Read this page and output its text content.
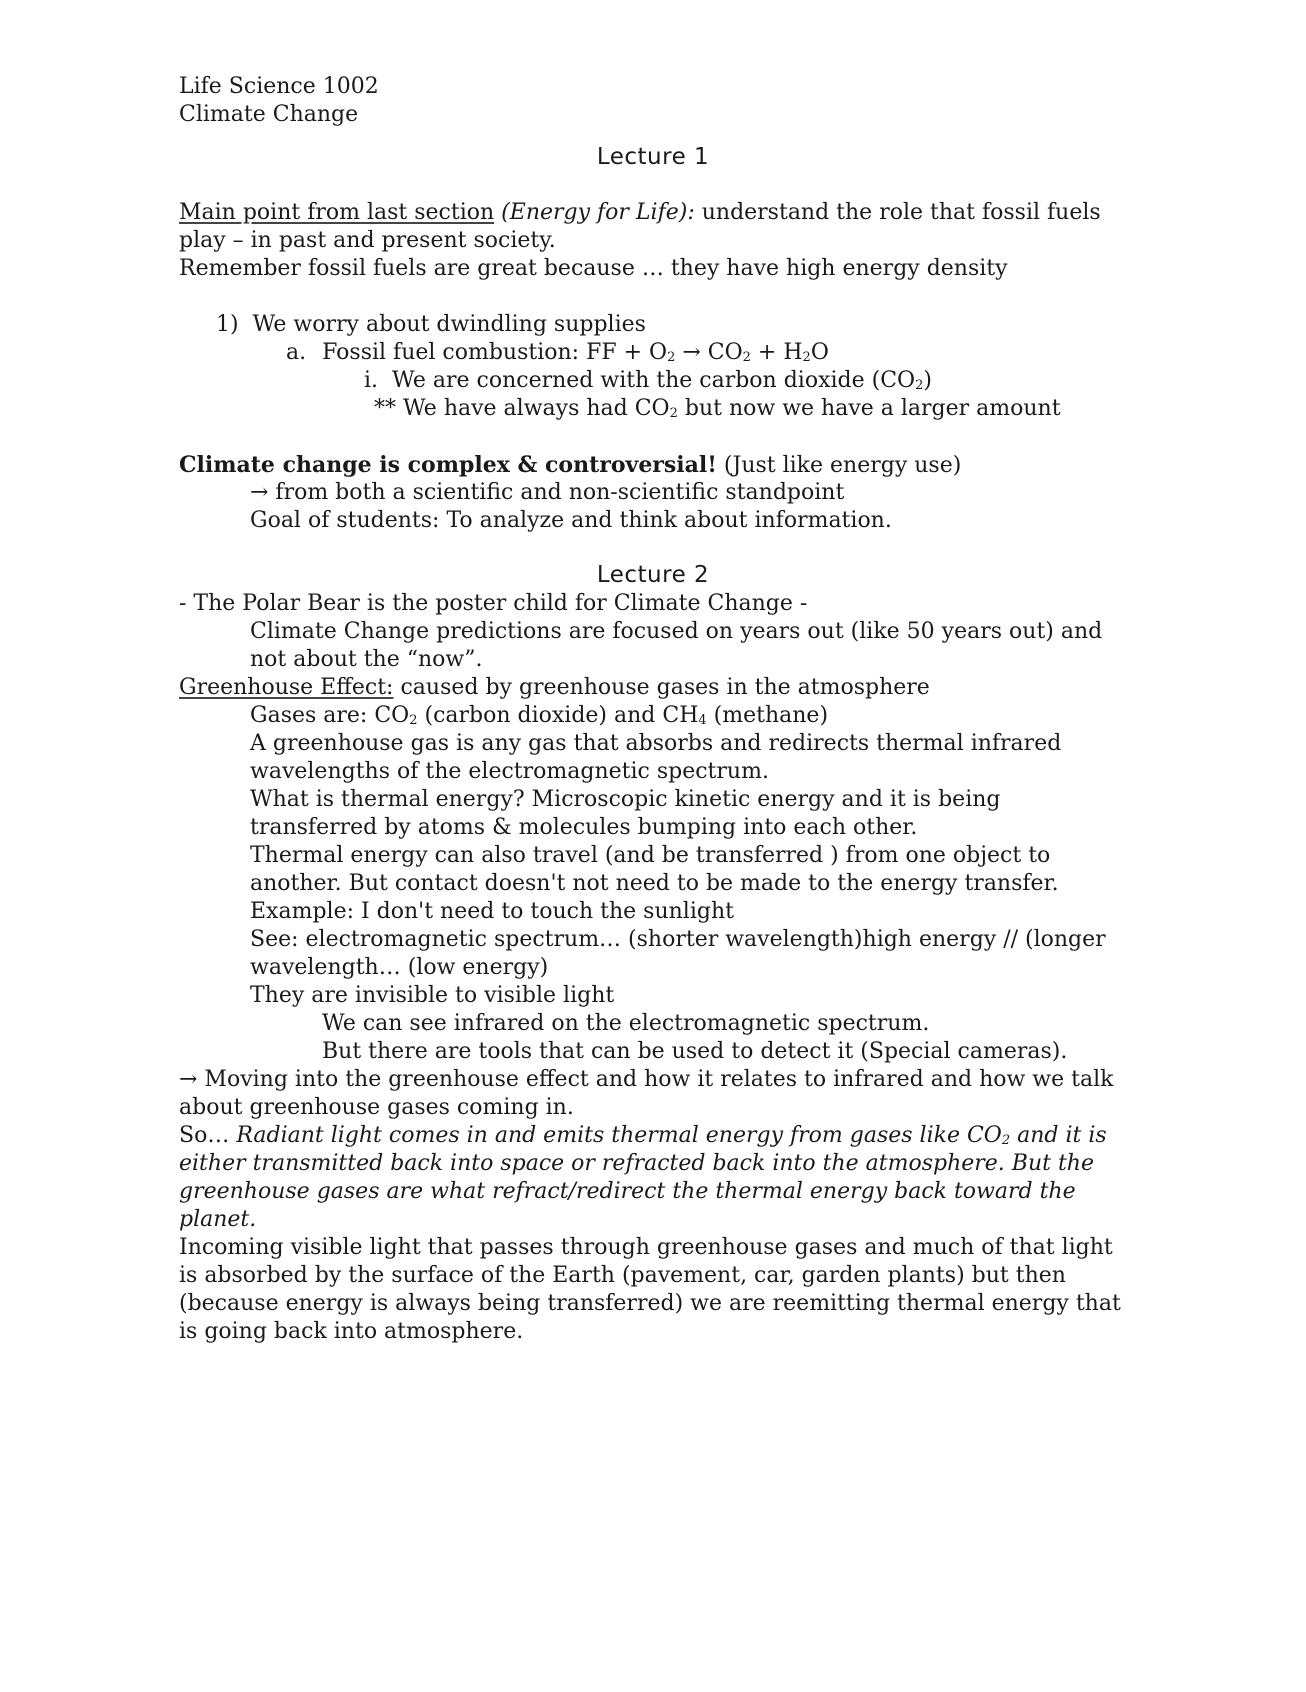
Life Science 1002
Climate Change
Lecture 1
Main point from last section (Energy for Life): understand the role that fossil fuels
play – in past and present society.
Remember fossil fuels are great because … they have high energy density
1) We worry about dwindling supplies
a. Fossil fuel combustion: FF + $O_2 \to CO_2 + H_2O$
i. We are concerned with the carbon dioxide $(CO_2)$
** We have always had $CO_2$ but now we have a larger amount
Climate change is complex & controversial! (Just like energy use)
→ from both a scientific and non-scientific standpoint
Goal of students: To analyze and think about information.
Lecture 2
- The Polar Bear is the poster child for Climate Change -
Climate Change predictions are focused on years out (like 50 years out) and
not about the “now”.
Greenhouse Effect: caused by greenhouse gases in the atmosphere
Gases are: $CO_2$ (carbon dioxide) and $CH_4$ (methane)
A greenhouse gas is any gas that absorbs and redirects thermal infrared
wavelengths of the electromagnetic spectrum.
What is thermal energy? Microscopic kinetic energy and it is being
transferred by atoms & molecules bumping into each other.
Thermal energy can also travel (and be transferred ) from one object to
another. But contact doesn't not need to be made to the energy transfer.
Example: I don't need to touch the sunlight
See: electromagnetic spectrum… (shorter wavelength)high energy // (longer
wavelength… (low energy)
They are invisible to visible light
We can see infrared on the electromagnetic spectrum.
But there are tools that can be used to detect it (Special cameras).
→ Moving into the greenhouse effect and how it relates to infrared and how we talk
about greenhouse gases coming in.
So… Radiant light comes in and emits thermal energy from gases like $CO_2$ and it is
either transmitted back into space or refracted back into the atmosphere. But the
greenhouse gases are what refract/redirect the thermal energy back toward the
planet.
Incoming visible light that passes through greenhouse gases and much of that light
is absorbed by the surface of the Earth (pavement, car, garden plants) but then
(because energy is always being transferred) we are reemitting thermal energy that
is going back into atmosphere.
